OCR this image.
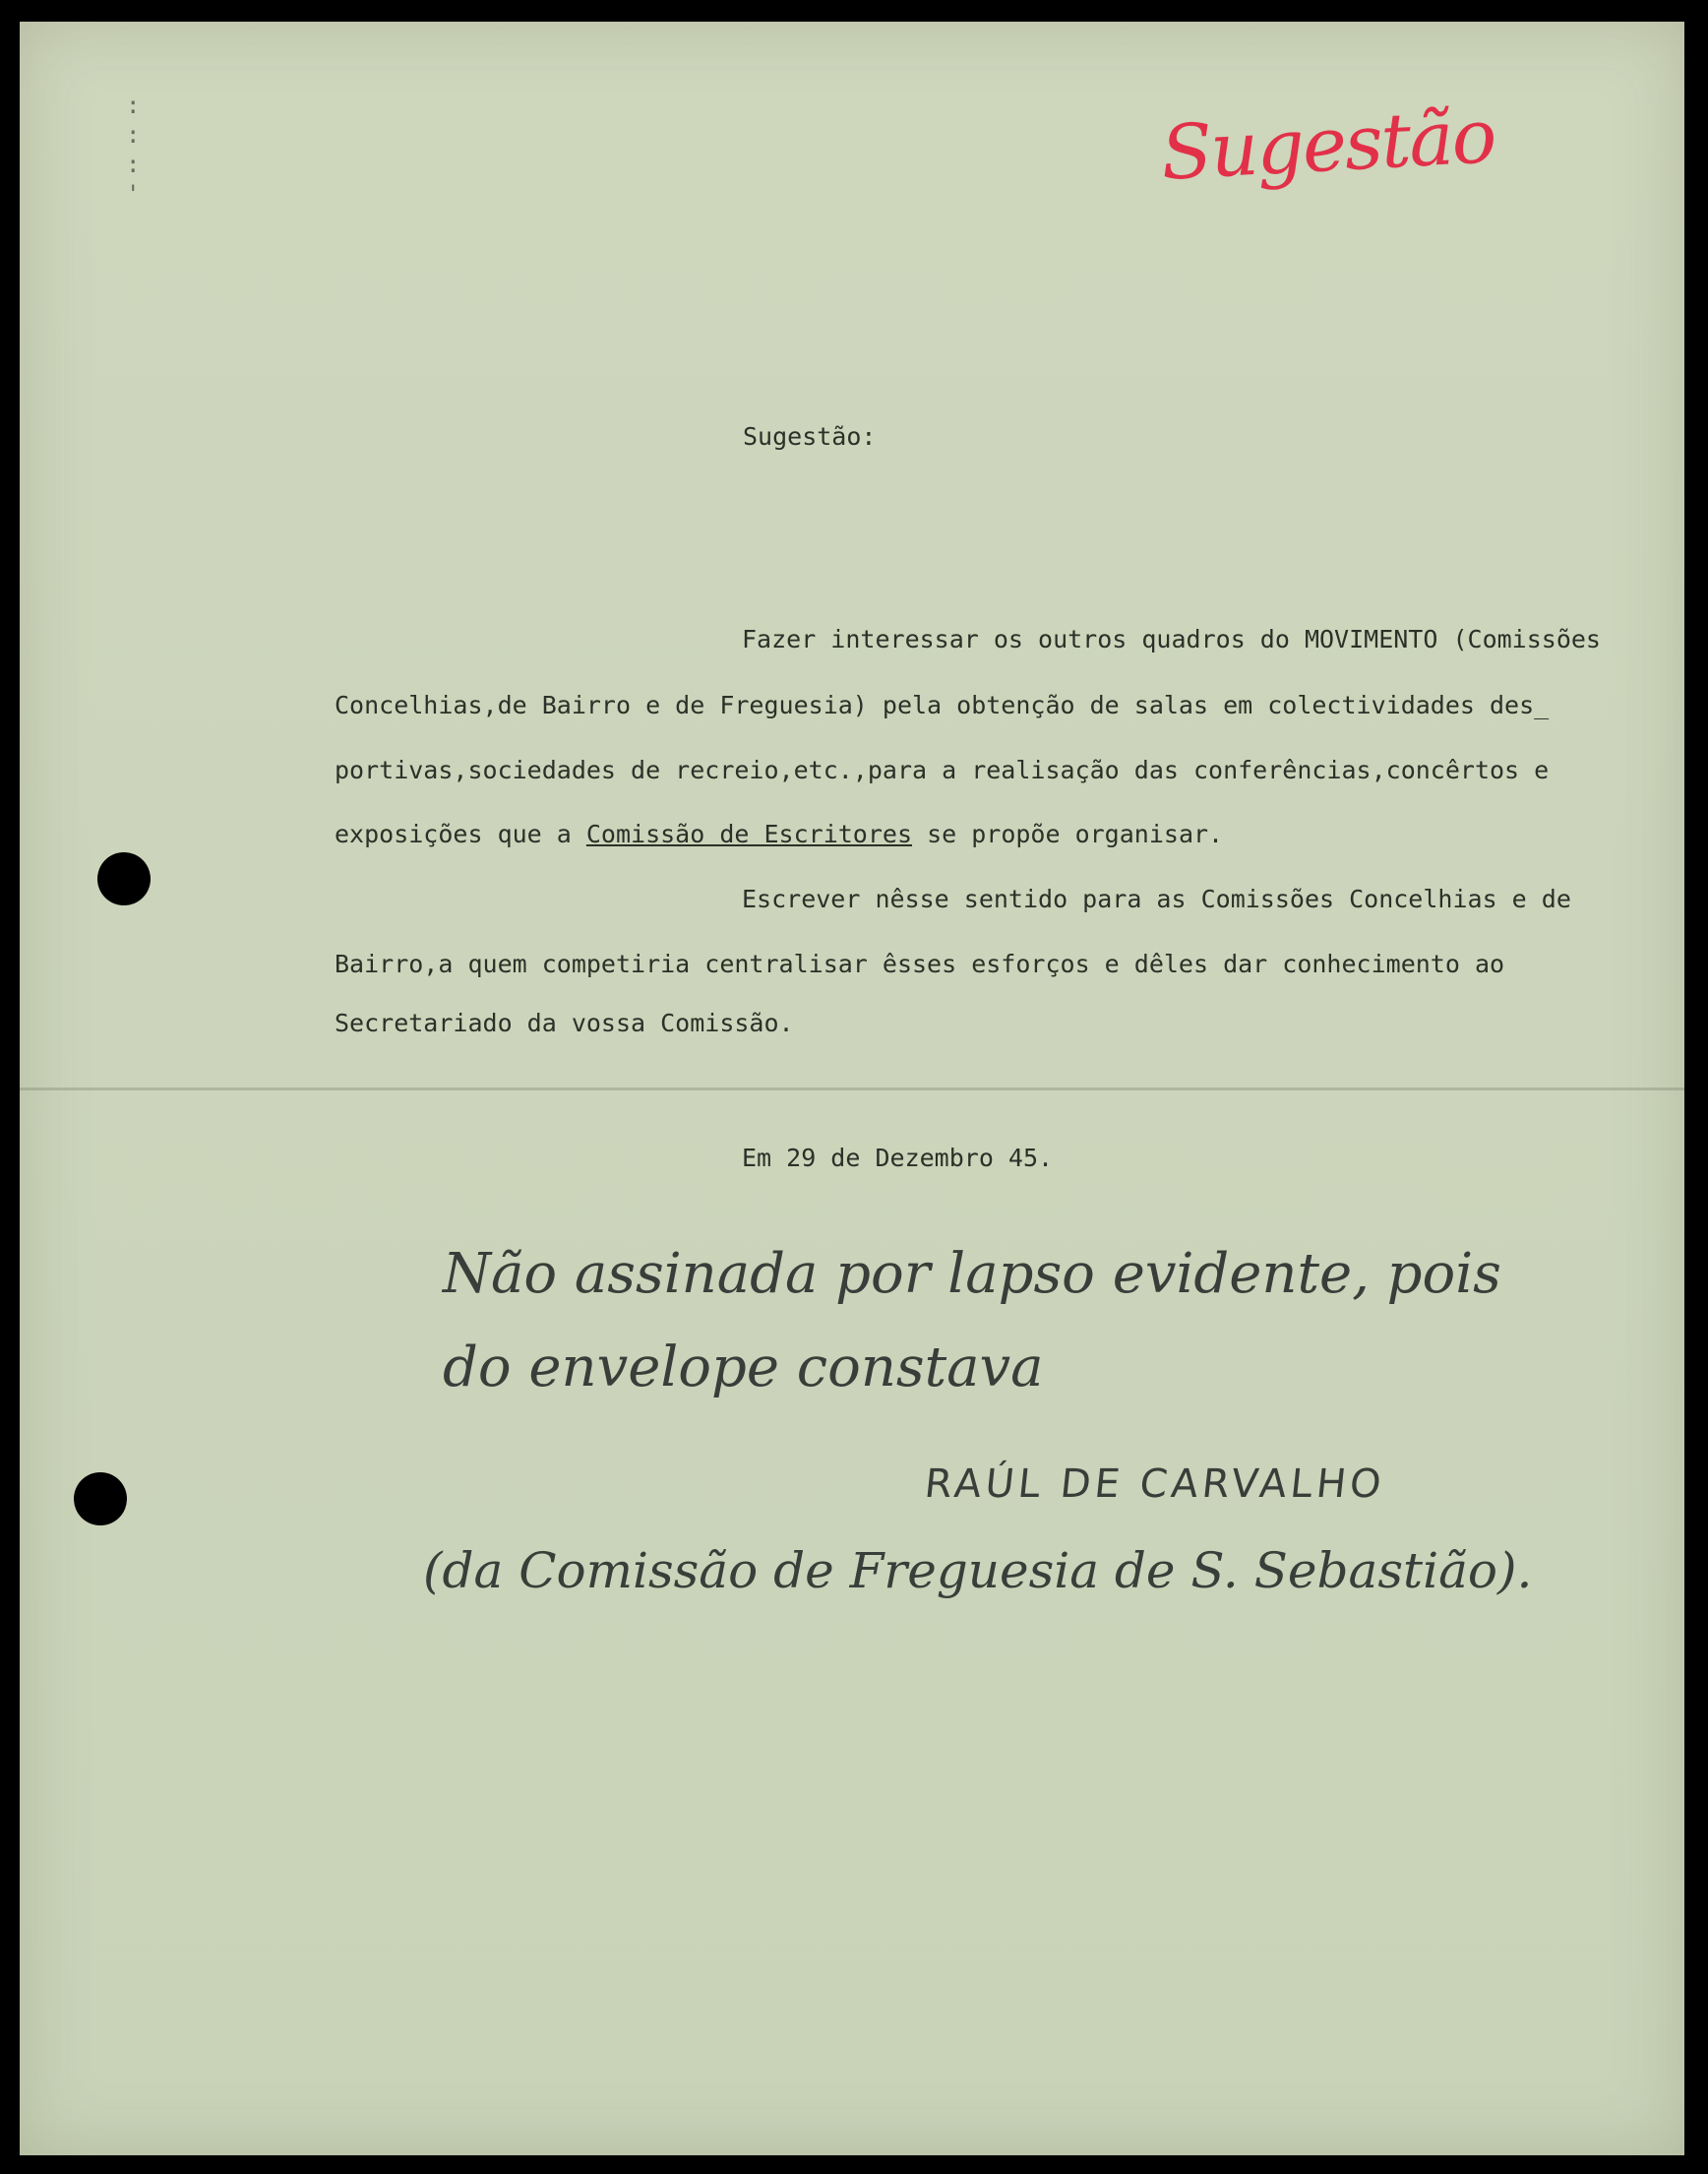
:
:
:
'	Sugestão
Sugestão:
Fazer interessar os outros quadros do MOVIMENTO (Comissões
Concelhias,de Bairro e de Freguesia) pela obtenção de salas em colectividades des_
portivas,sociedades de recreio,etc.,para a realisação das conferências,concêrtos e
exposições que a Comissão de Escritores se propõe organisar.
Escrever nêsse sentido para as Comissões Concelhias e de
Bairro,a quem competiria centralisar êsses esforços e dêles dar conhecimento ao
Secretariado da vossa Comissão.
Em 29 de Dezembro 45.
Não assinada por lapso evidente, pois
do envelope constava
RAÚL DE CARVALHO
(da Comissão de Freguesia de S. Sebastião).
